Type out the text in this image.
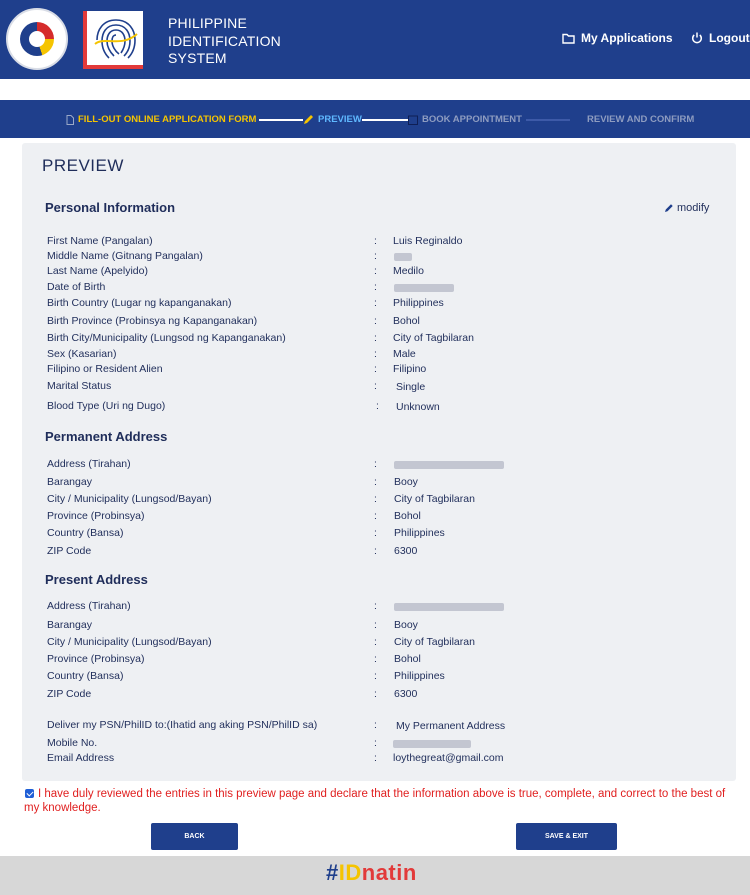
PHILIPPINE
IDENTIFICATION
SYSTEM
My Applications	Logout
FILL-OUT ONLINE APPLICATION FORM	PREVIEW	BOOK APPOINTMENT	REVIEW AND CONFIRM
PREVIEW
Personal Information	modify
First Name (Pangalan)	: Luis Reginaldo
Middle Name (Gitnang Pangalan)	:
Last Name (Apelyido)	: Medilo
Date of Birth	:
Birth Country (Lugar ng kapanganakan)	: Philippines
Birth Province (Probinsya ng Kapanganakan)	: Bohol
Birth City/Municipality (Lungsod ng Kapanganakan)	: City of Tagbilaran
Sex (Kasarian)	: Male
Filipino or Resident Alien	: Filipino
Marital Status	: Single
Blood Type (Uri ng Dugo)	: Unknown
Permanent Address
Address (Tirahan)	:
Barangay	: Booy
City / Municipality (Lungsod/Bayan)	: City of Tagbilaran
Province (Probinsya)	: Bohol
Country (Bansa)	: Philippines
ZIP Code	: 6300
Present Address
Address (Tirahan)	:
Barangay	: Booy
City / Municipality (Lungsod/Bayan)	: City of Tagbilaran
Province (Probinsya)	: Bohol
Country (Bansa)	: Philippines
ZIP Code	: 6300
Deliver my PSN/PhilID to:(Ihatid ang aking PSN/PhilID sa)	: My Permanent Address
Mobile No.	:
Email Address	: loythegreat@gmail.com
I have duly reviewed the entries in this preview page and declare that the information above is true, complete, and correct to the best of my knowledge.
BACK	SAVE & EXIT
#IDnatin
